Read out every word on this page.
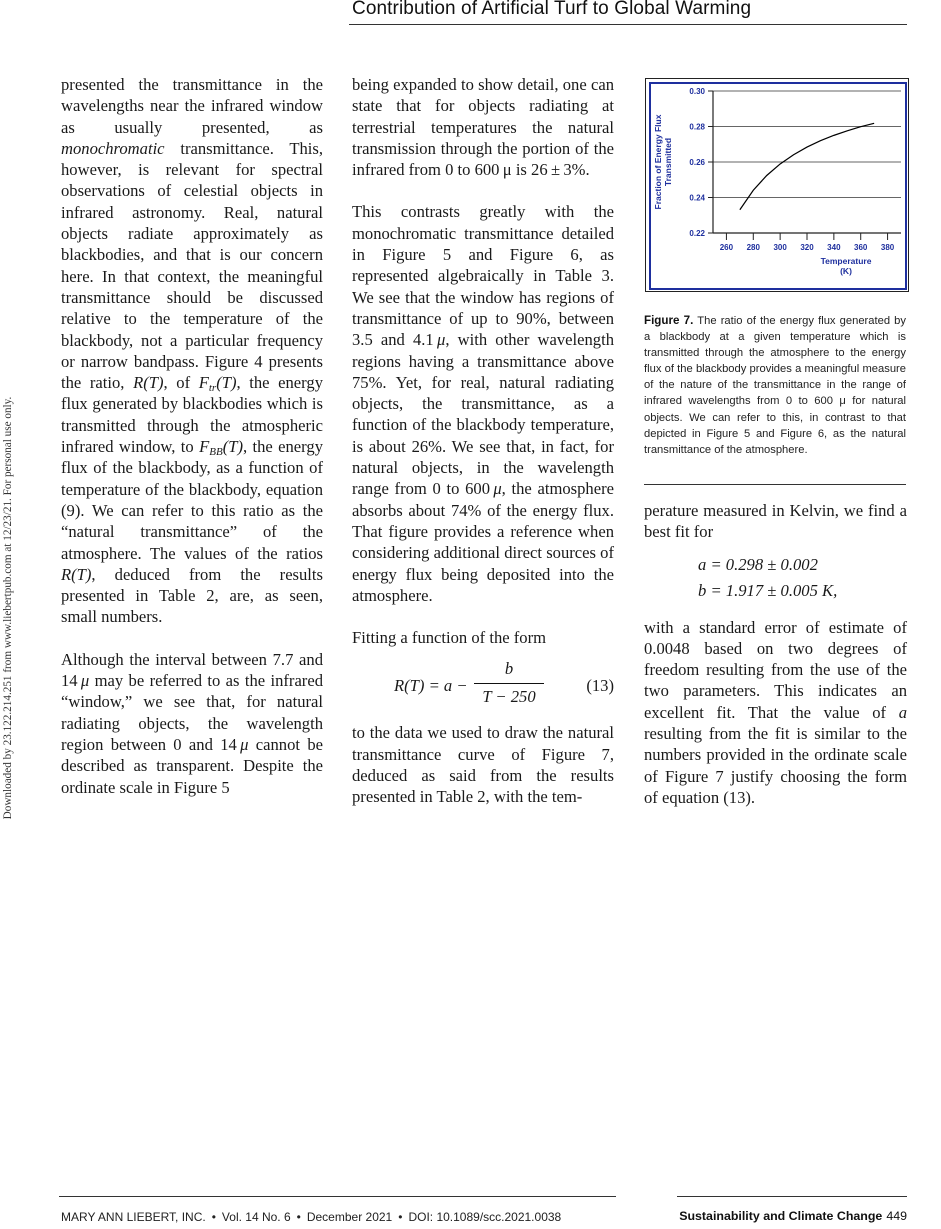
Contribution of Artificial Turf to Global Warming
Downloaded by 23.122.214.251 from www.liebertpub.com at 12/23/21. For personal use only.

presented the transmittance in the wavelengths near the infrared window as usually presented, as monochromatic transmittance. This, however, is relevant for spectral observations of celestial objects in infrared astronomy. Real, natural objects radiate approximately as blackbodies, and that is our concern here. In that context, the meaningful transmittance should be discussed relative to the temperature of the blackbody, not a particular frequency or narrow bandpass. Figure 4 presents the ratio, R(T), of $F_{tr}(T)$, the energy flux generated by blackbodies which is transmitted through the atmospheric infrared window, to $F_{BB}(T)$, the energy flux of the blackbody, as a function of temperature of the blackbody, equation (9). We can refer to this ratio as the “natural transmittance” of the atmosphere. The values of the ratios R(T), deduced from the results presented in Table 2, are, as seen, small numbers.

Although the interval between 7.7 and 14 μ may be referred to as the infrared “window,” we see that, for natural radiating objects, the wavelength region between 0 and 14 μ cannot be described as transparent. Despite the ordinate scale in Figure 5

being expanded to show detail, one can state that for objects radiating at terrestrial temperatures the natural transmission through the portion of the infrared from 0 to 600 μ is 26 ± 3%.

This contrasts greatly with the monochromatic transmittance detailed in Figure 5 and Figure 6, as represented algebraically in Table 3. We see that the window has regions of transmittance of up to 90%, between 3.5 and 4.1 μ, with other wavelength regions having a transmittance above 75%. Yet, for real, natural radiating objects, the transmittance, as a function of the blackbody temperature, is about 26%. We see that, in fact, for natural objects, in the wavelength range from 0 to 600 μ, the atmosphere absorbs about 74% of the energy flux. That figure provides a reference when considering additional direct sources of energy flux being deposited into the atmosphere.

Fitting a function of the form

R(T) = a −
b
T − 250
(13)

to the data we used to draw the natural transmittance curve of Figure 7, deduced as said from the results presented in Table 2, with the tem-

0.22
0.24
0.26
0.28
0.30
260 280 300 320 340 360 380
Temperature
(K)
Fraction of Energy Flux Transmitted
Figure 7. The ratio of the energy flux generated by a blackbody at a given temperature which is transmitted through the atmosphere to the energy flux of the blackbody provides a meaningful measure of the nature of the transmittance in the range of infrared wavelengths from 0 to 600 μ for natural objects. We can refer to this, in contrast to that depicted in Figure 5 and Figure 6, as the natural transmittance of the atmosphere.

perature measured in Kelvin, we find a best fit for

a = 0.298 ± 0.002
b = 1.917 ± 0.005 K,

with a standard error of estimate of 0.0048 based on two degrees of freedom resulting from the use of the two parameters. This indicates an excellent fit. That the value of a resulting from the fit is similar to the numbers provided in the ordinate scale of Figure 7 justify choosing the form of equation (13).

MARY ANN LIEBERT, INC. • Vol. 14 No. 6 • December 2021 • DOI: 10.1089/scc.2021.0038	Sustainability and Climate Change 449
